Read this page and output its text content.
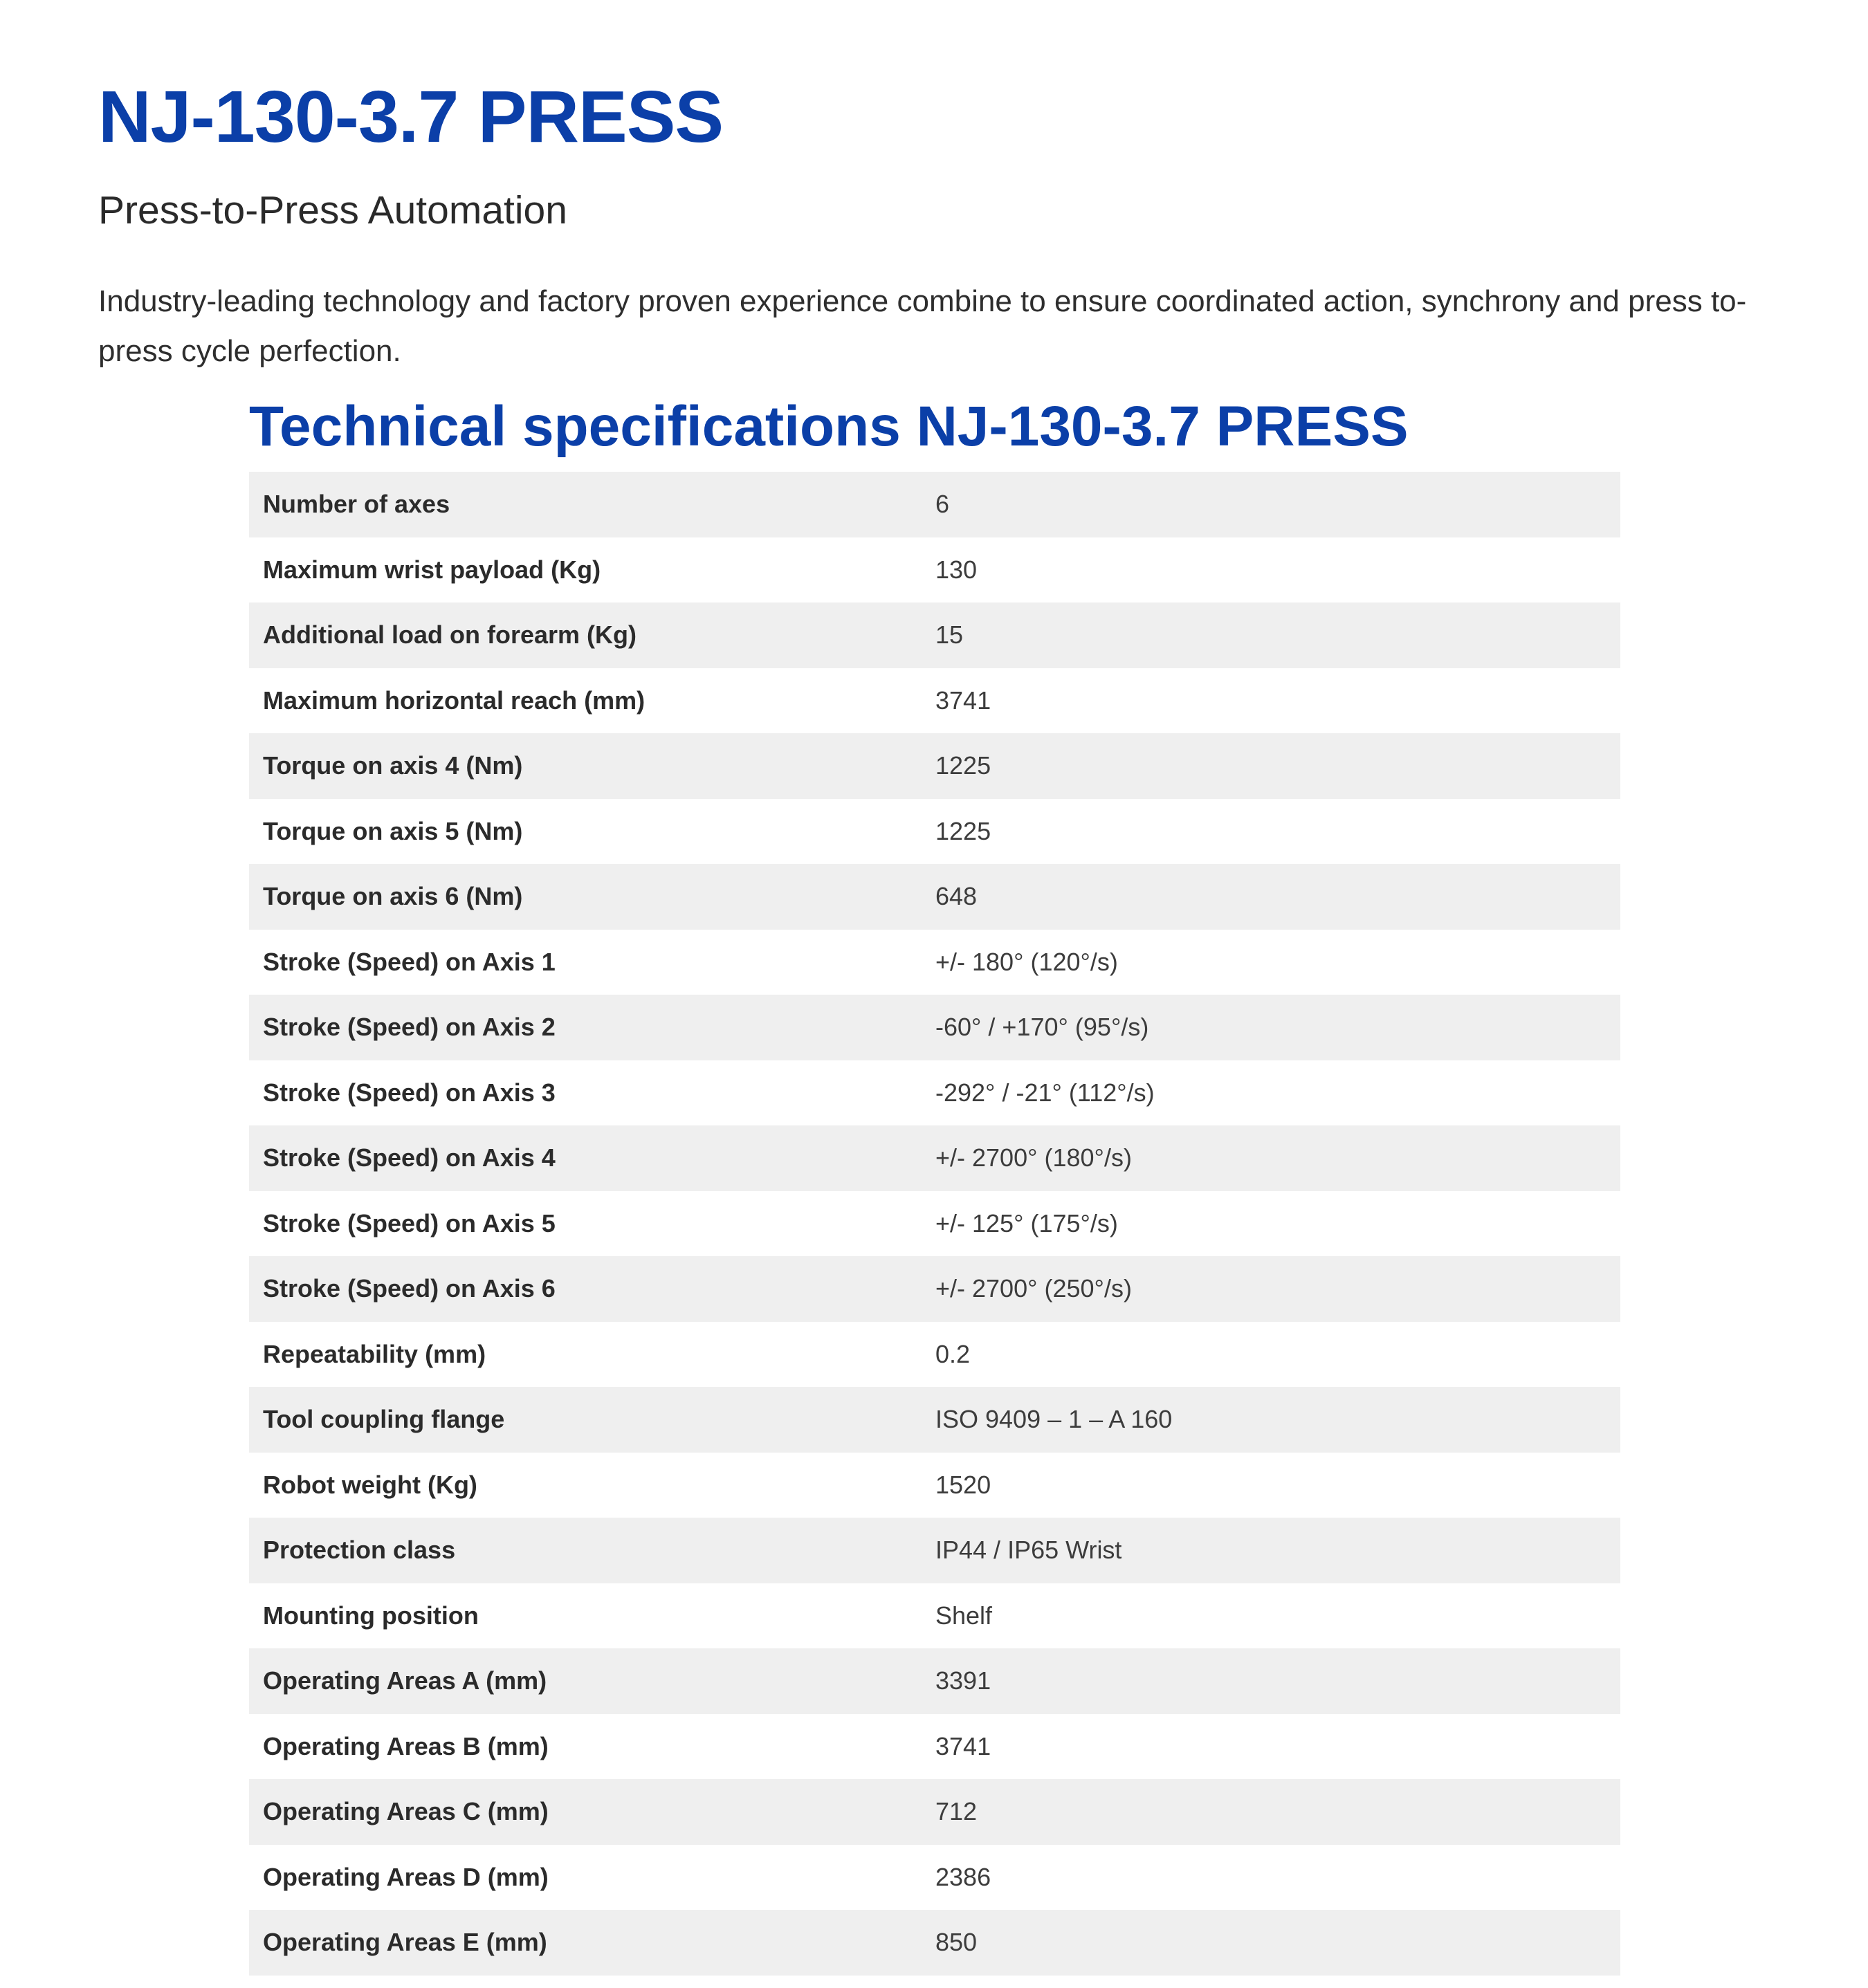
NJ-130-3.7 PRESS
Press-to-Press Automation

Industry-leading technology and factory proven experience combine to ensure coordinated action, synchrony and press to-press cycle perfection.

Technical specifications NJ-130-3.7 PRESS
Number of axes	6
Maximum wrist payload (Kg)	130
Additional load on forearm (Kg)	15
Maximum horizontal reach (mm)	3741
Torque on axis 4 (Nm)	1225
Torque on axis 5 (Nm)	1225
Torque on axis 6 (Nm)	648
Stroke (Speed) on Axis 1	+/- 180° (120°/s)
Stroke (Speed) on Axis 2	-60° / +170° (95°/s)
Stroke (Speed) on Axis 3	-292° / -21° (112°/s)
Stroke (Speed) on Axis 4	+/- 2700° (180°/s)
Stroke (Speed) on Axis 5	+/- 125° (175°/s)
Stroke (Speed) on Axis 6	+/- 2700° (250°/s)
Repeatability (mm)	0.2
Tool coupling flange	ISO 9409 – 1 – A 160
Robot weight (Kg)	1520
Protection class	IP44 / IP65 Wrist
Mounting position	Shelf
Operating Areas A (mm)	3391
Operating Areas B (mm)	3741
Operating Areas C (mm)	712
Operating Areas D (mm)	2386
Operating Areas E (mm)	850
